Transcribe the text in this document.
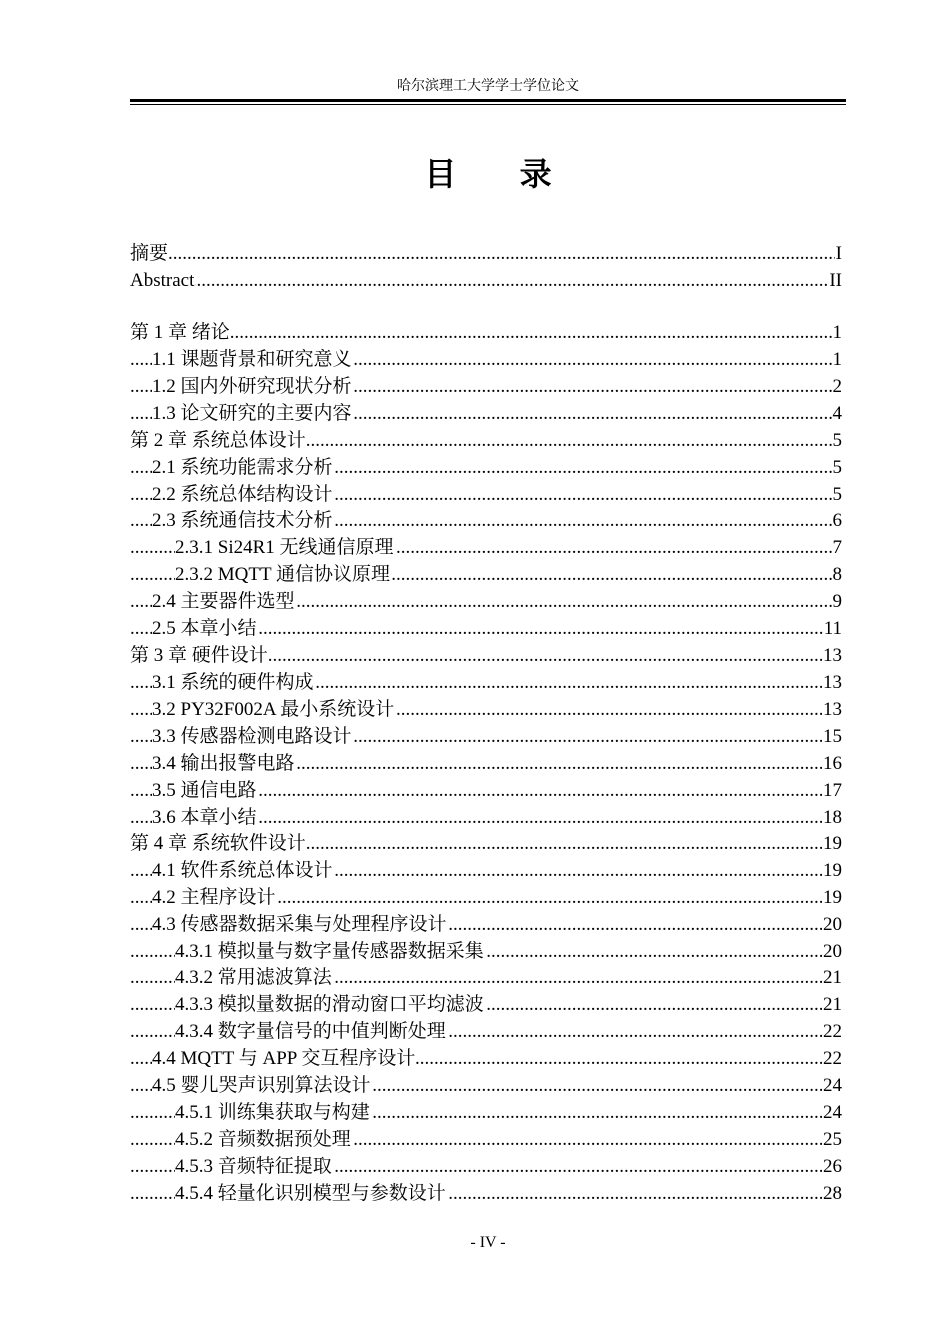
哈尔滨理工大学学士学位论文
目 录
摘要	I
.....
Abstract	II
.....
第 1 章 绪论	1
.....
1.1 课题背景和研究意义	1
.....
1.2 国内外研究现状分析	2
.....
1.3 论文研究的主要内容	4
.....
第 2 章 系统总体设计	5
.....
2.1 系统功能需求分析	5
.....
2.2 系统总体结构设计	5
.....
2.3 系统通信技术分析	6
.....
2.3.1 Si24R1 无线通信原理	7
.....
2.3.2 MQTT 通信协议原理	8
.....
2.4 主要器件选型	9
.....
2.5 本章小结	11
.....
第 3 章 硬件设计	13
.....
3.1 系统的硬件构成	13
.....
3.2 PY32F002A 最小系统设计	13
.....
3.3 传感器检测电路设计	15
.....
3.4 输出报警电路	16
.....
3.5 通信电路	17
.....
3.6 本章小结	18
.....
第 4 章 系统软件设计	19
.....
4.1 软件系统总体设计	19
.....
4.2 主程序设计	19
.....
4.3 传感器数据采集与处理程序设计	20
.....
4.3.1 模拟量与数字量传感器数据采集	20
.....
4.3.2 常用滤波算法	21
.....
4.3.3 模拟量数据的滑动窗口平均滤波	21
.....
4.3.4 数字量信号的中值判断处理	22
.....
4.4 MQTT 与 APP 交互程序设计	22
.....
4.5 婴儿哭声识别算法设计	24
.....
4.5.1 训练集获取与构建	24
.....
4.5.2 音频数据预处理	25
.....
4.5.3 音频特征提取	26
.....
4.5.4 轻量化识别模型与参数设计	28
.....
- IV -
